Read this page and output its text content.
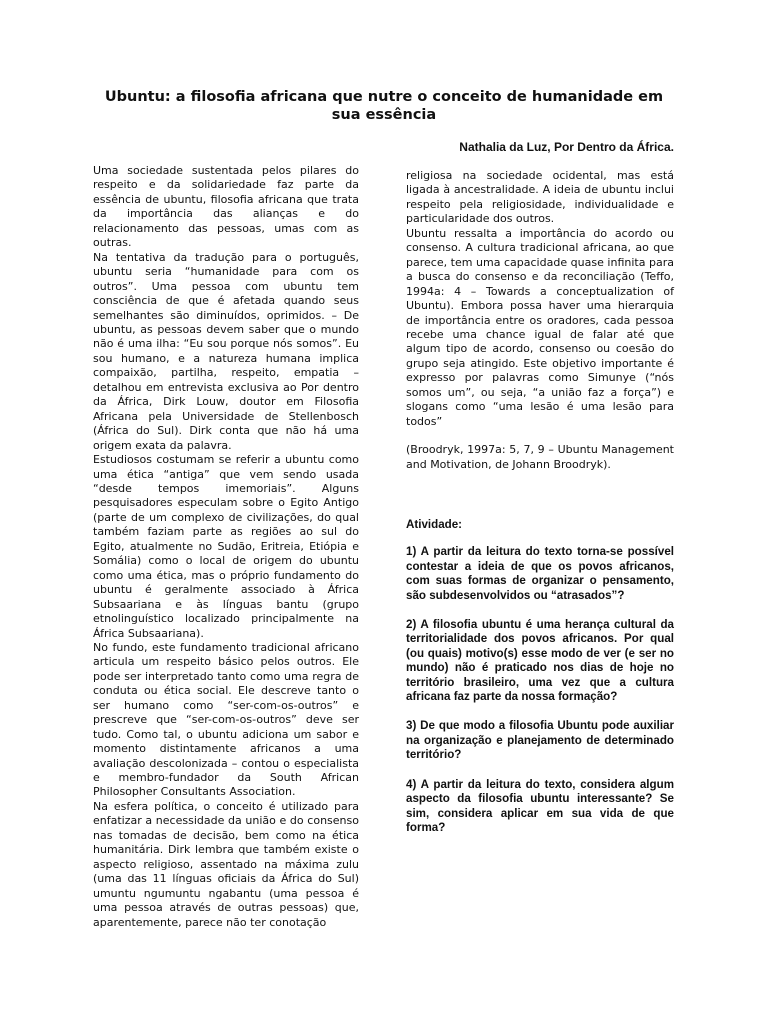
Ubuntu: a filosofia africana que nutre o conceito de humanidade em sua essência
Nathalia da Luz, Por Dentro da África.

Uma sociedade sustentada pelos pilares do respeito e da solidariedade faz parte da essência de ubuntu, filosofia africana que trata da importância das alianças e do relacionamento das pessoas, umas com as outras.

Na tentativa da tradução para o português, ubuntu seria “humanidade para com os outros”. Uma pessoa com ubuntu tem consciência de que é afetada quando seus semelhantes são diminuídos, oprimidos. – De ubuntu, as pessoas devem saber que o mundo não é uma ilha: “Eu sou porque nós somos”. Eu sou humano, e a natureza humana implica compaixão, partilha, respeito, empatia – detalhou em entrevista exclusiva ao Por dentro da África, Dirk Louw, doutor em Filosofia Africana pela Universidade de Stellenbosch (África do Sul). Dirk conta que não há uma origem exata da palavra.

Estudiosos costumam se referir a ubuntu como uma ética “antiga” que vem sendo usada “desde tempos imemoriais”. Alguns pesquisadores especulam sobre o Egito Antigo (parte de um complexo de civilizações, do qual também faziam parte as regiões ao sul do Egito, atualmente no Sudão, Eritreia, Etiópia e Somália) como o local de origem do ubuntu como uma ética, mas o próprio fundamento do ubuntu é geralmente associado à África Subsaariana e às línguas bantu (grupo etnolinguístico localizado principalmente na África Subsaariana).

No fundo, este fundamento tradicional africano articula um respeito básico pelos outros. Ele pode ser interpretado tanto como uma regra de conduta ou ética social. Ele descreve tanto o ser humano como “ser-com-os-outros” e prescreve que “ser-com-os-outros” deve ser tudo. Como tal, o ubuntu adiciona um sabor e momento distintamente africanos a uma avaliação descolonizada – contou o especialista e membro-fundador da South African Philosopher Consultants Association.

Na esfera política, o conceito é utilizado para enfatizar a necessidade da união e do consenso nas tomadas de decisão, bem como na ética humanitária. Dirk lembra que também existe o aspecto religioso, assentado na máxima zulu (uma das 11 línguas oficiais da África do Sul) umuntu ngumuntu ngabantu (uma pessoa é uma pessoa através de outras pessoas) que, aparentemente, parece não ter conotação

religiosa na sociedade ocidental, mas está ligada à ancestralidade. A ideia de ubuntu inclui respeito pela religiosidade, individualidade e particularidade dos outros.

Ubuntu ressalta a importância do acordo ou consenso. A cultura tradicional africana, ao que parece, tem uma capacidade quase infinita para a busca do consenso e da reconciliação (Teffo, 1994a: 4 – Towards a conceptualization of Ubuntu). Embora possa haver uma hierarquia de importância entre os oradores, cada pessoa recebe uma chance igual de falar até que algum tipo de acordo, consenso ou coesão do grupo seja atingido. Este objetivo importante é expresso por palavras como Simunye (“nós somos um”, ou seja, “a união faz a força”) e slogans como “uma lesão é uma lesão para todos”

(Broodryk, 1997a: 5, 7, 9 – Ubuntu Management and Motivation, de Johann Broodryk).

Atividade:

1) A partir da leitura do texto torna-se possível contestar a ideia de que os povos africanos, com suas formas de organizar o pensamento, são subdesenvolvidos ou “atrasados”?

2) A filosofia ubuntu é uma herança cultural da territorialidade dos povos africanos. Por qual (ou quais) motivo(s) esse modo de ver (e ser no mundo) não é praticado nos dias de hoje no território brasileiro, uma vez que a cultura africana faz parte da nossa formação?

3) De que modo a filosofia Ubuntu pode auxiliar na organização e planejamento de determinado território?

4) A partir da leitura do texto, considera algum aspecto da filosofia ubuntu interessante? Se sim, considera aplicar em sua vida de que forma?
